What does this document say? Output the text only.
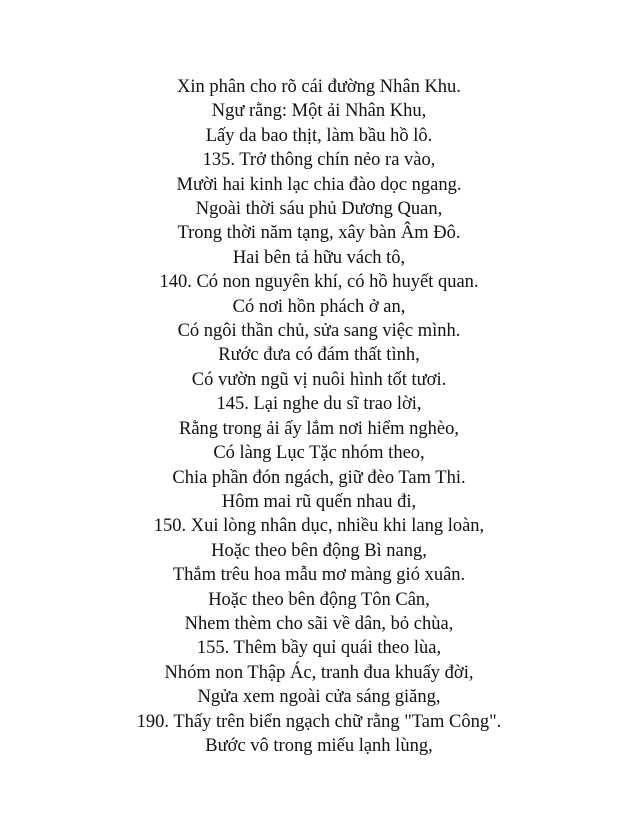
Xin phân cho rõ cái đường Nhân Khu.

Ngư rằng: Một ải Nhân Khu,

Lấy da bao thịt, làm bầu hồ lô.

135. Trở thông chín nẻo ra vào,

Mười hai kinh lạc chia đào dọc ngang.

Ngoài thời sáu phủ Dương Quan,

Trong thời năm tạng, xây bàn Âm Đô.

Hai bên tả hữu vách tô,

140. Có non nguyên khí, có hồ huyết quan.

Có nơi hồn phách ở an,

Có ngôi thần chủ, sửa sang việc mình.

Rước đưa có đám thất tình,

Có vườn ngũ vị nuôi hình tốt tươi.

145. Lại nghe du sĩ trao lời,

Rằng trong ải ấy lắm nơi hiểm nghèo,

Có làng Lục Tặc nhóm theo,

Chia phần đón ngách, giữ đèo Tam Thi.

Hôm mai rũ quến nhau đi,

150. Xui lòng nhân dục, nhiều khi lang loàn,

Hoặc theo bên động Bì nang,

Thắm trêu hoa mẫu mơ màng gió xuân.

Hoặc theo bên động Tôn Cân,

Nhem thèm cho sãi về dân, bỏ chùa,

155. Thêm bầy quỉ quái theo lùa,

Nhóm non Thập Ác, tranh đua khuấy đời,

Ngửa xem ngoài cửa sáng giăng,

190. Thấy trên biển ngạch chữ rằng "Tam Công".

Bước vô trong miếu lạnh lùng,
